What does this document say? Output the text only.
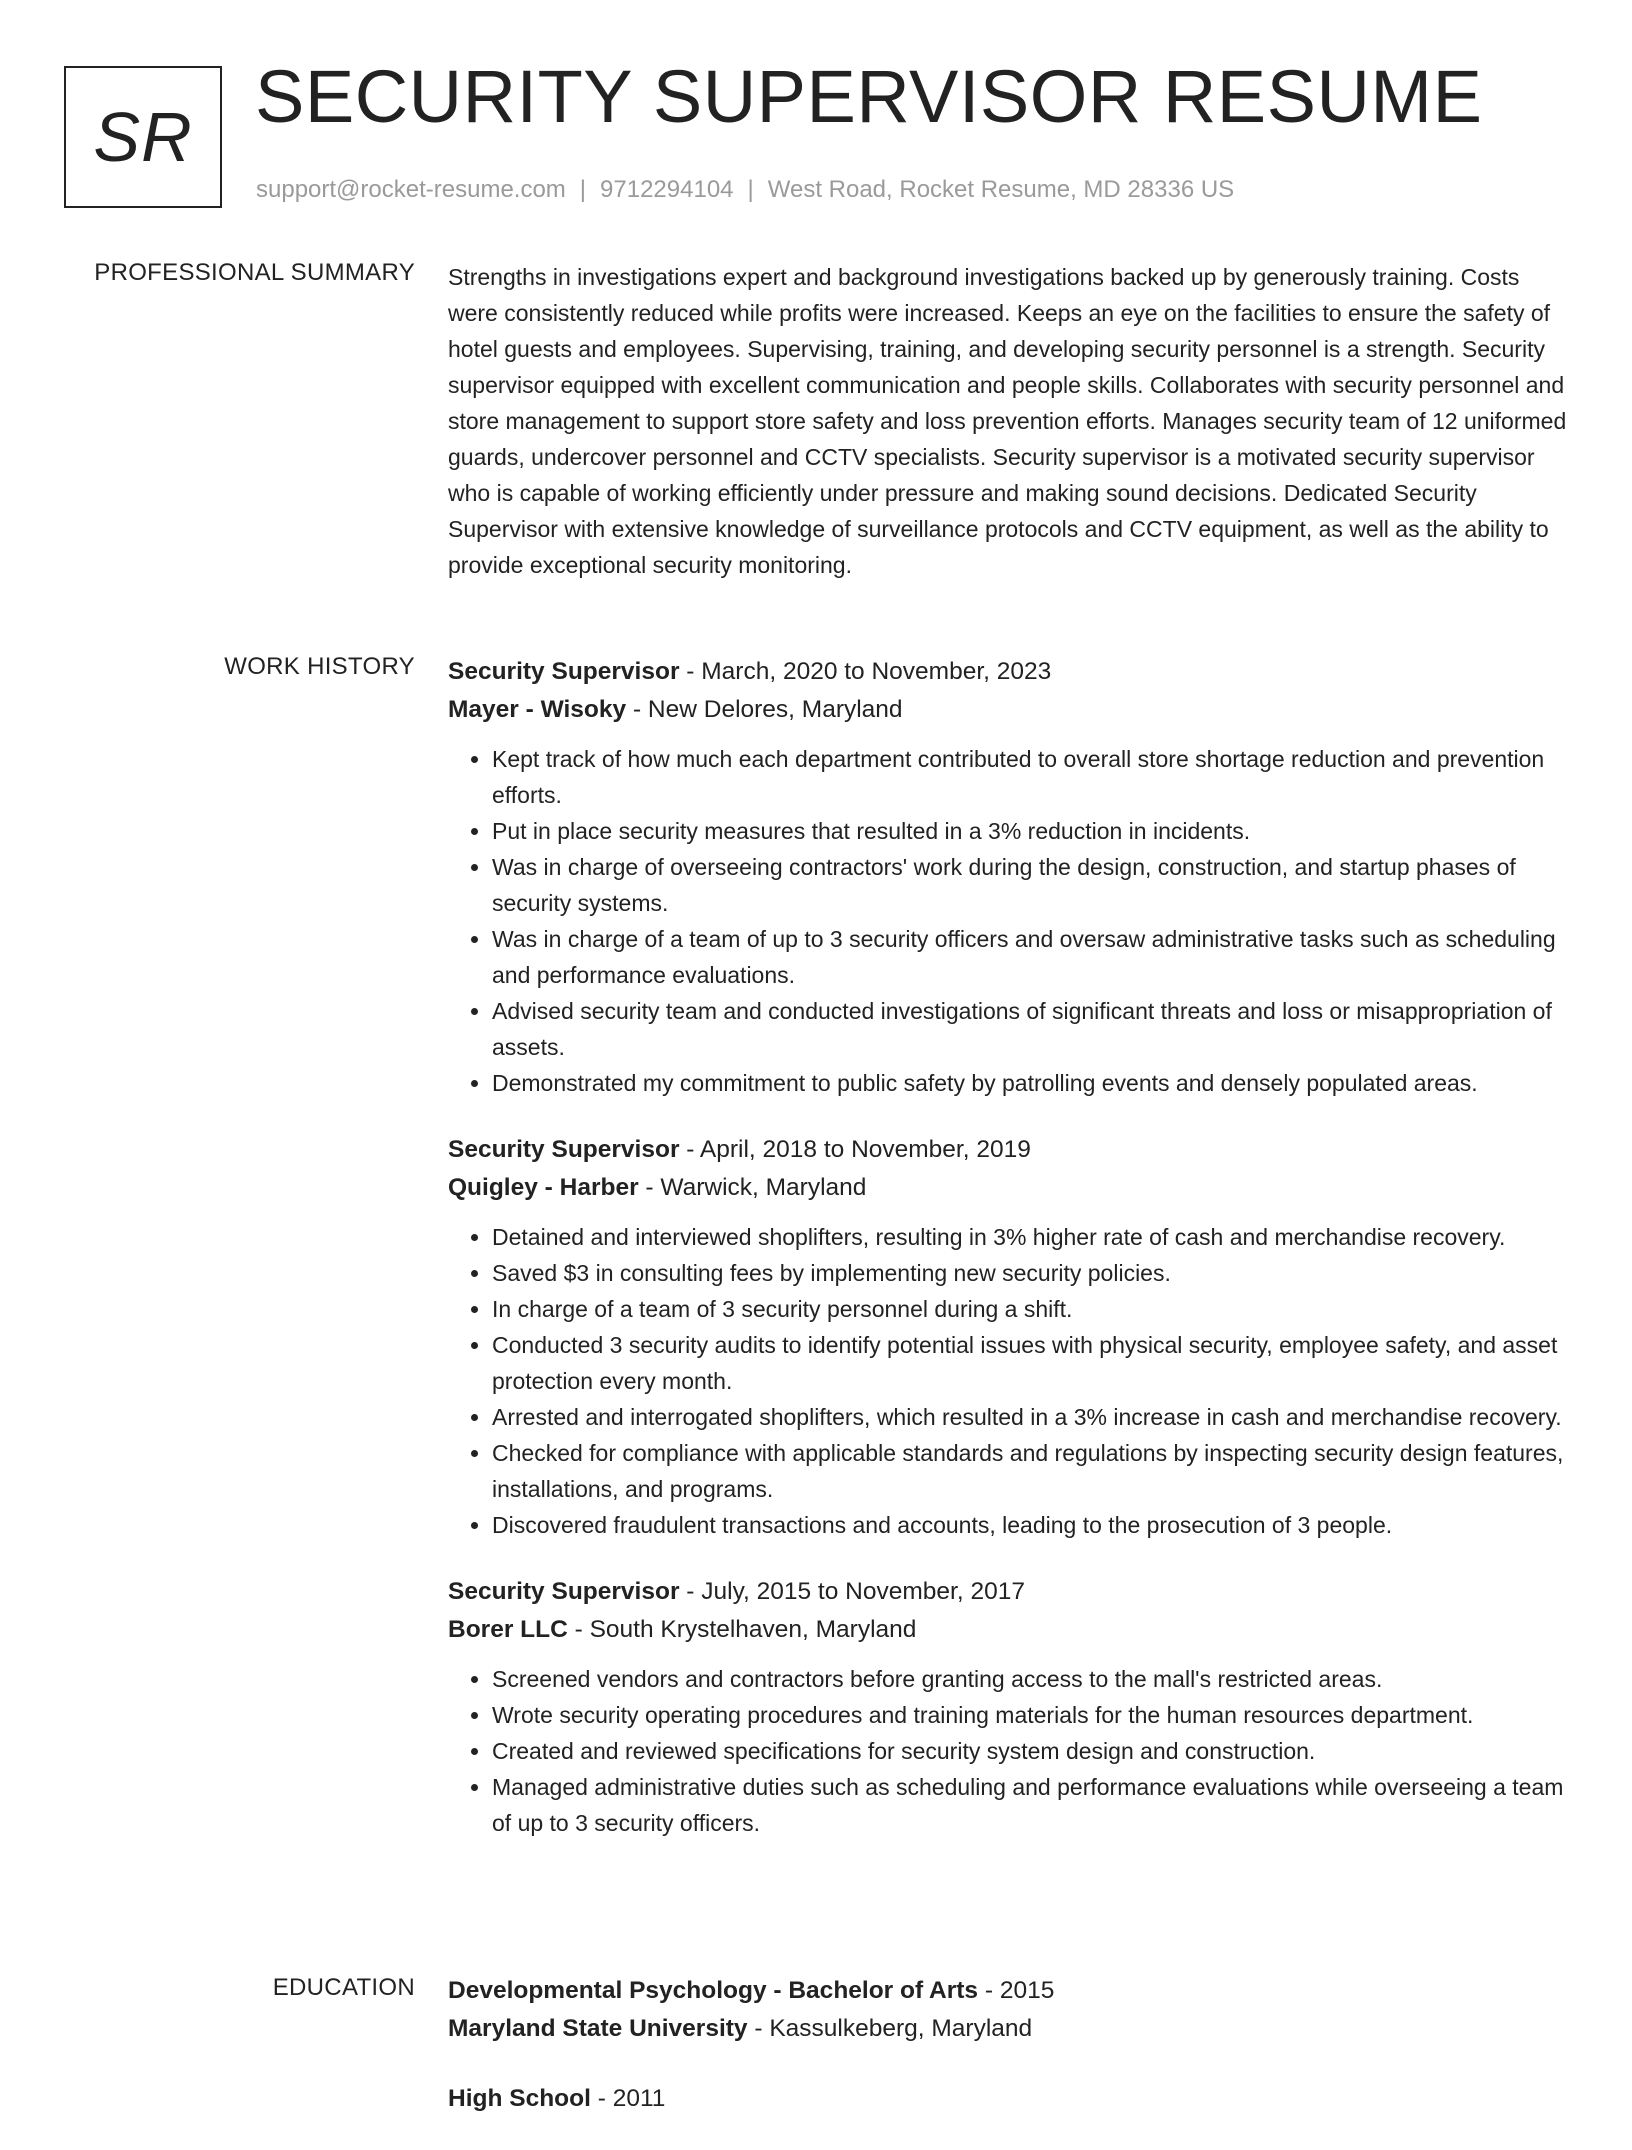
SR SECURITY SUPERVISOR RESUME
support@rocket-resume.com | 9712294104 | West Road, Rocket Resume, MD 28336 US
PROFESSIONAL SUMMARY Strengths in investigations expert and background investigations backed up by generously training. Costs were consistently reduced while profits were increased. Keeps an eye on the facilities to ensure the safety of hotel guests and employees. Supervising, training, and developing security personnel is a strength. Security supervisor equipped with excellent communication and people skills. Collaborates with security personnel and store management to support store safety and loss prevention efforts. Manages security team of 12 uniformed guards, undercover personnel and CCTV specialists. Security supervisor is a motivated security supervisor who is capable of working efficiently under pressure and making sound decisions. Dedicated Security Supervisor with extensive knowledge of surveillance protocols and CCTV equipment, as well as the ability to provide exceptional security monitoring.

WORK HISTORY Security Supervisor - March, 2020 to November, 2023
Mayer - Wisoky - New Delores, Maryland
• Kept track of how much each department contributed to overall store shortage reduction and prevention efforts.
• Put in place security measures that resulted in a 3% reduction in incidents.
• Was in charge of overseeing contractors' work during the design, construction, and startup phases of security systems.
• Was in charge of a team of up to 3 security officers and oversaw administrative tasks such as scheduling and performance evaluations.
• Advised security team and conducted investigations of significant threats and loss or misappropriation of assets.
• Demonstrated my commitment to public safety by patrolling events and densely populated areas.
Security Supervisor - April, 2018 to November, 2019
Quigley - Harber - Warwick, Maryland
• Detained and interviewed shoplifters, resulting in 3% higher rate of cash and merchandise recovery.
• Saved $3 in consulting fees by implementing new security policies.
• In charge of a team of 3 security personnel during a shift.
• Conducted 3 security audits to identify potential issues with physical security, employee safety, and asset protection every month.
• Arrested and interrogated shoplifters, which resulted in a 3% increase in cash and merchandise recovery.
• Checked for compliance with applicable standards and regulations by inspecting security design features, installations, and programs.
• Discovered fraudulent transactions and accounts, leading to the prosecution of 3 people.
Security Supervisor - July, 2015 to November, 2017
Borer LLC - South Krystelhaven, Maryland
• Screened vendors and contractors before granting access to the mall's restricted areas.
• Wrote security operating procedures and training materials for the human resources department.
• Created and reviewed specifications for security system design and construction.
• Managed administrative duties such as scheduling and performance evaluations while overseeing a team of up to 3 security officers.
EDUCATION Developmental Psychology - Bachelor of Arts - 2015
Maryland State University - Kassulkeberg, Maryland
High School - 2011
